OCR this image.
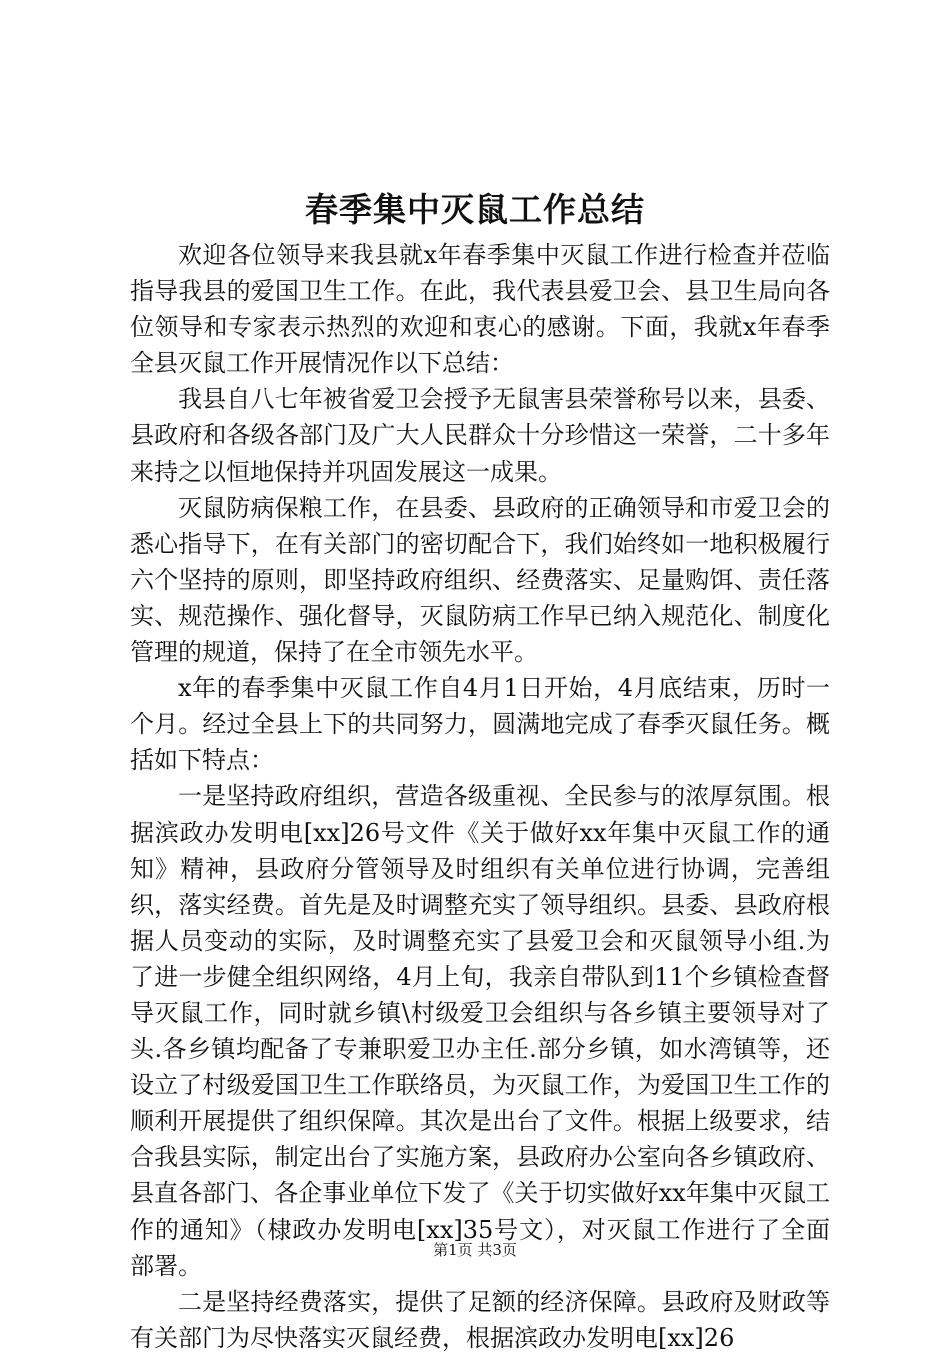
春季集中灭鼠工作总结

欢迎各位领导来我县就x年春季集中灭鼠工作进行检查并莅临指导我县的爱国卫生工作。在此，我代表县爱卫会、县卫生局向各位领导和专家表示热烈的欢迎和衷心的感谢。下面，我就x年春季全县灭鼠工作开展情况作以下总结：

我县自八七年被省爱卫会授予无鼠害县荣誉称号以来，县委、县政府和各级各部门及广大人民群众十分珍惜这一荣誉，二十多年来持之以恒地保持并巩固发展这一成果。

灭鼠防病保粮工作，在县委、县政府的正确领导和市爱卫会的悉心指导下，在有关部门的密切配合下，我们始终如一地积极履行六个坚持的原则，即坚持政府组织、经费落实、足量购饵、责任落实、规范操作、强化督导，灭鼠防病工作早已纳入规范化、制度化管理的规道，保持了在全市领先水平。

x年的春季集中灭鼠工作自4月1日开始，4月底结束，历时一个月。经过全县上下的共同努力，圆满地完成了春季灭鼠任务。概括如下特点：

一是坚持政府组织，营造各级重视、全民参与的浓厚氛围。根据滨政办发明电[xx]26号文件《关于做好xx年集中灭鼠工作的通知》精神，县政府分管领导及时组织有关单位进行协调，完善组织，落实经费。首先是及时调整充实了领导组织。县委、县政府根据人员变动的实际，及时调整充实了县爱卫会和灭鼠领导小组.为了进一步健全组织网络，4月上旬，我亲自带队到11个乡镇检查督导灭鼠工作，同时就乡镇\村级爱卫会组织与各乡镇主要领导对了头.各乡镇均配备了专兼职爱卫办主任.部分乡镇，如水湾镇等，还设立了村级爱国卫生工作联络员，为灭鼠工作，为爱国卫生工作的顺利开展提供了组织保障。其次是出台了文件。根据上级要求，结合我县实际，制定出台了实施方案，县政府办公室向各乡镇政府、县直各部门、各企事业单位下发了《关于切实做好xx年集中灭鼠工作的通知》（棣政办发明电[xx]35号文），对灭鼠工作进行了全面部署。

二是坚持经费落实，提供了足额的经济保障。县政府及财政等有关部门为尽快落实灭鼠经费，根据滨政办发明电[xx]26

第1页 共3页
